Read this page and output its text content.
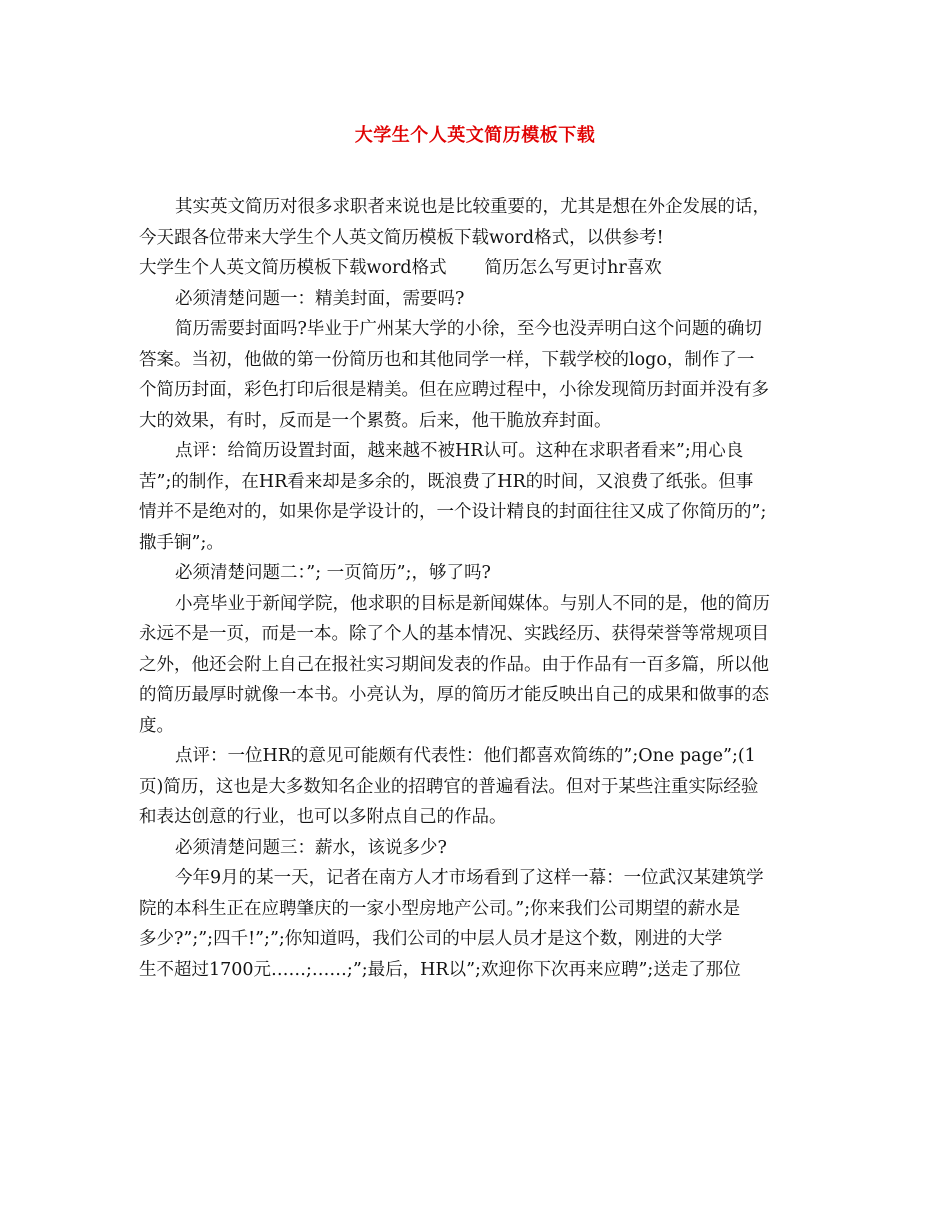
大学生个人英文简历模板下载
其实英文简历对很多求职者来说也是比较重要的，尤其是想在外企发展的话，
今天跟各位带来大学生个人英文简历模板下载word格式，以供参考!
大学生个人英文简历模板下载word格式 简历怎么写更讨hr喜欢
必须清楚问题一：精美封面，需要吗?
简历需要封面吗?毕业于广州某大学的小徐，至今也没弄明白这个问题的确切
答案。当初，他做的第一份简历也和其他同学一样，下载学校的logo，制作了一
个简历封面，彩色打印后很是精美。但在应聘过程中，小徐发现简历封面并没有多
大的效果，有时，反而是一个累赘。后来，他干脆放弃封面。
点评：给简历设置封面，越来越不被HR认可。这种在求职者看来”;用心良
苦”;的制作，在HR看来却是多余的，既浪费了HR的时间，又浪费了纸张。但事
情并不是绝对的，如果你是学设计的，一个设计精良的封面往往又成了你简历的”;
撒手锏”;。
必须清楚问题二：”; 一页简历”;，够了吗?
小亮毕业于新闻学院，他求职的目标是新闻媒体。与别人不同的是，他的简历
永远不是一页，而是一本。除了个人的基本情况、实践经历、获得荣誉等常规项目
之外，他还会附上自己在报社实习期间发表的作品。由于作品有一百多篇，所以他
的简历最厚时就像一本书。小亮认为，厚的简历才能反映出自己的成果和做事的态
度。
点评：一位HR的意见可能颇有代表性：他们都喜欢简练的”;One page”;(1
页)简历，这也是大多数知名企业的招聘官的普遍看法。但对于某些注重实际经验
和表达创意的行业，也可以多附点自己的作品。
必须清楚问题三：薪水，该说多少?
今年9月的某一天，记者在南方人才市场看到了这样一幕：一位武汉某建筑学
院的本科生正在应聘肇庆的一家小型房地产公司。”;你来我们公司期望的薪水是
多少?”;”;四千!”;”;你知道吗，我们公司的中层人员才是这个数，刚进的大学
生不超过1700元……;……;”;最后，HR以”;欢迎你下次再来应聘”;送走了那位
